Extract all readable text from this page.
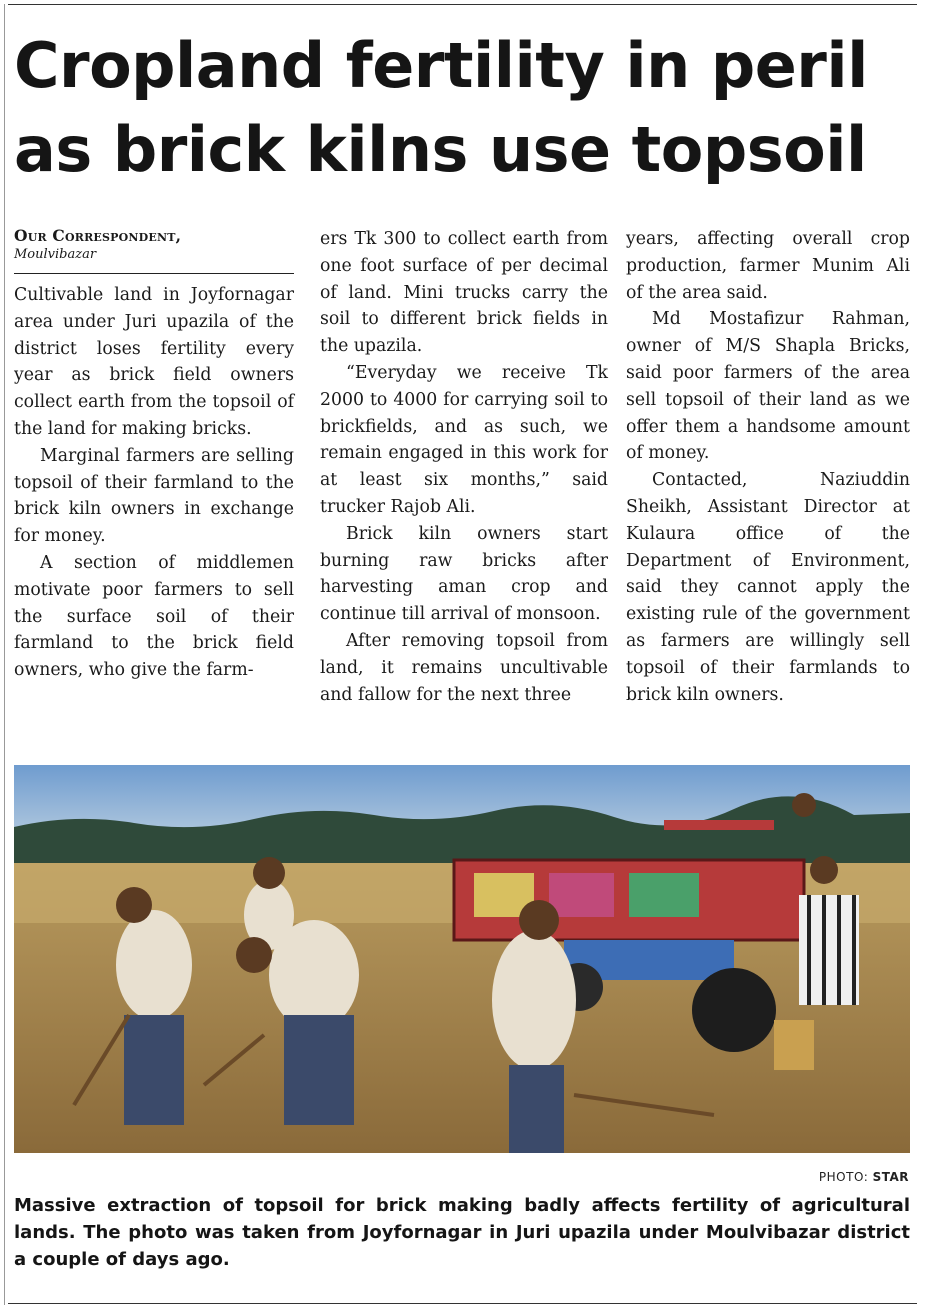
Cropland fertility in peril as brick kilns use topsoil
Our Correspondent,
Moulvibazar

Cultivable land in Joyfornagar area under Juri upazila of the district loses fertility every year as brick field owners collect earth from the topsoil of the land for making bricks.

Marginal farmers are selling topsoil of their farmland to the brick kiln owners in exchange for money.

A section of middlemen motivate poor farmers to sell the surface soil of their farmland to the brick field owners, who give the farm-

ers Tk 300 to collect earth from one foot surface of per decimal of land. Mini trucks carry the soil to different brick fields in the upazila.

“Everyday we receive Tk 2000 to 4000 for carrying soil to brickfields, and as such, we remain engaged in this work for at least six months,” said trucker Rajob Ali.

Brick kiln owners start burning raw bricks after harvesting aman crop and continue till arrival of monsoon.

After removing topsoil from land, it remains uncultivable and fallow for the next three

years, affecting overall crop production, farmer Munim Ali of the area said.

Md Mostafizur Rahman, owner of M/S Shapla Bricks, said poor farmers of the area sell topsoil of their land as we offer them a handsome amount of money.

Contacted, Naziuddin Sheikh, Assistant Director at Kulaura office of the Department of Environment, said they cannot apply the existing rule of the government as farmers are willingly sell topsoil of their farmlands to brick kiln owners.

PHOTO: STAR

Massive extraction of topsoil for brick making badly affects fertility of agricultural lands. The photo was taken from Joyfornagar in Juri upazila under Moulvibazar district a couple of days ago.
